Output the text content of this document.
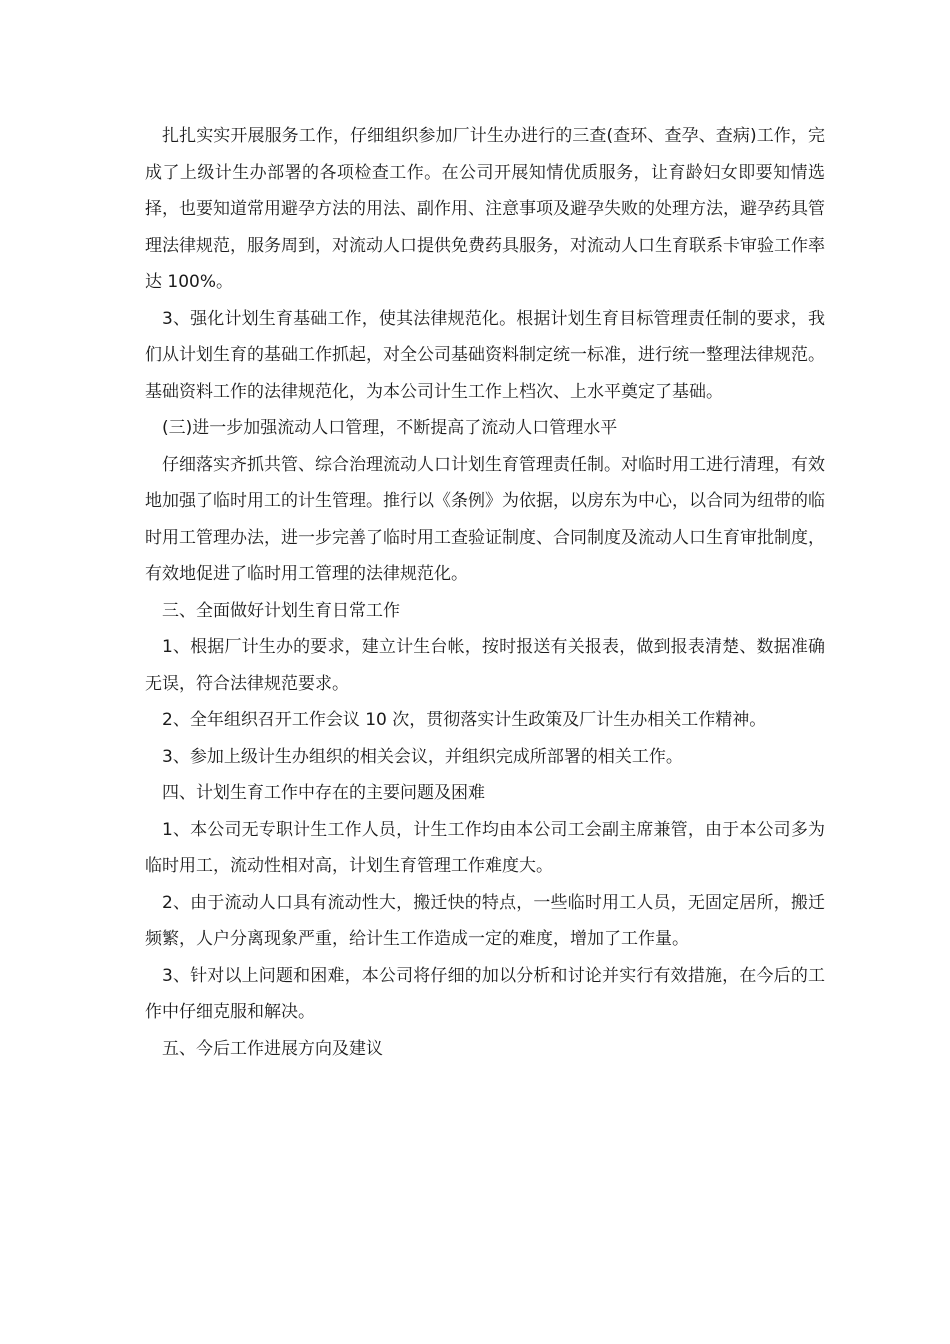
扎扎实实开展服务工作，仔细组织参加厂计生办进行的三查(查环、查孕、查病)工作，完成了上级计生办部署的各项检查工作。在公司开展知情优质服务，让育龄妇女即要知情选择，也要知道常用避孕方法的用法、副作用、注意事项及避孕失败的处理方法，避孕药具管理法律规范，服务周到，对流动人口提供免费药具服务，对流动人口生育联系卡审验工作率达 100%。

3、强化计划生育基础工作，使其法律规范化。根据计划生育目标管理责任制的要求，我们从计划生育的基础工作抓起，对全公司基础资料制定统一标准，进行统一整理法律规范。基础资料工作的法律规范化，为本公司计生工作上档次、上水平奠定了基础。

(三)进一步加强流动人口管理，不断提高了流动人口管理水平

仔细落实齐抓共管、综合治理流动人口计划生育管理责任制。对临时用工进行清理，有效地加强了临时用工的计生管理。推行以《条例》为依据，以房东为中心，以合同为纽带的临时用工管理办法，进一步完善了临时用工查验证制度、合同制度及流动人口生育审批制度，有效地促进了临时用工管理的法律规范化。

三、全面做好计划生育日常工作

1、根据厂计生办的要求，建立计生台帐，按时报送有关报表，做到报表清楚、数据准确无误，符合法律规范要求。

2、全年组织召开工作会议 10 次，贯彻落实计生政策及厂计生办相关工作精神。

3、参加上级计生办组织的相关会议，并组织完成所部署的相关工作。

四、计划生育工作中存在的主要问题及困难

1、本公司无专职计生工作人员，计生工作均由本公司工会副主席兼管，由于本公司多为临时用工，流动性相对高，计划生育管理工作难度大。

2、由于流动人口具有流动性大，搬迁快的特点，一些临时用工人员，无固定居所，搬迁频繁，人户分离现象严重，给计生工作造成一定的难度，增加了工作量。

3、针对以上问题和困难，本公司将仔细的加以分析和讨论并实行有效措施，在今后的工作中仔细克服和解决。

五、今后工作进展方向及建议
